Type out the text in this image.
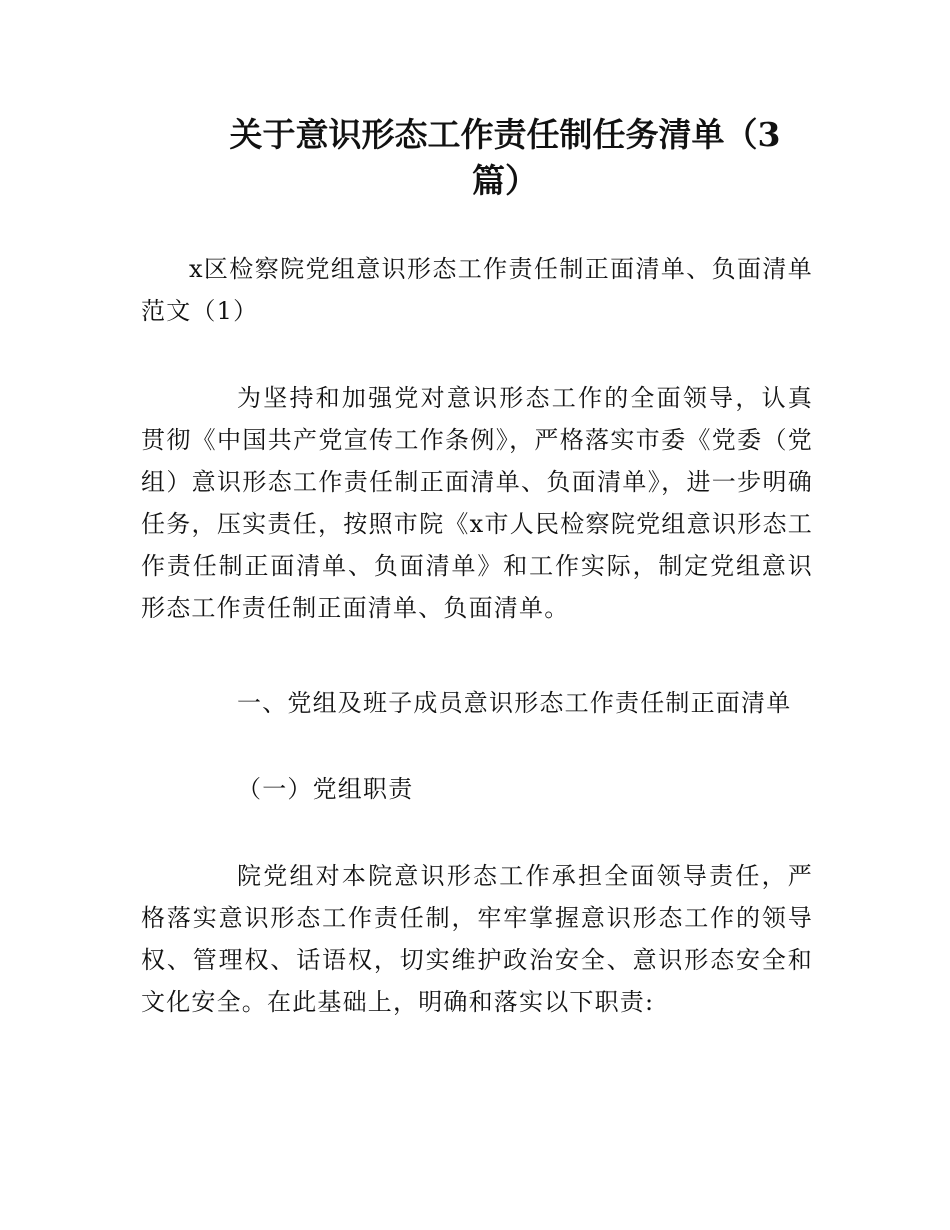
关于意识形态工作责任制任务清单（3篇）

x区检察院党组意识形态工作责任制正面清单、负面清单范文（1）

为坚持和加强党对意识形态工作的全面领导，认真贯彻《中国共产党宣传工作条例》，严格落实市委《党委（党组）意识形态工作责任制正面清单、负面清单》，进一步明确任务，压实责任，按照市院《x市人民检察院党组意识形态工作责任制正面清单、负面清单》和工作实际，制定党组意识形态工作责任制正面清单、负面清单。

一、党组及班子成员意识形态工作责任制正面清单

（一）党组职责

院党组对本院意识形态工作承担全面领导责任，严格落实意识形态工作责任制，牢牢掌握意识形态工作的领导权、管理权、话语权，切实维护政治安全、意识形态安全和文化安全。在此基础上，明确和落实以下职责:
